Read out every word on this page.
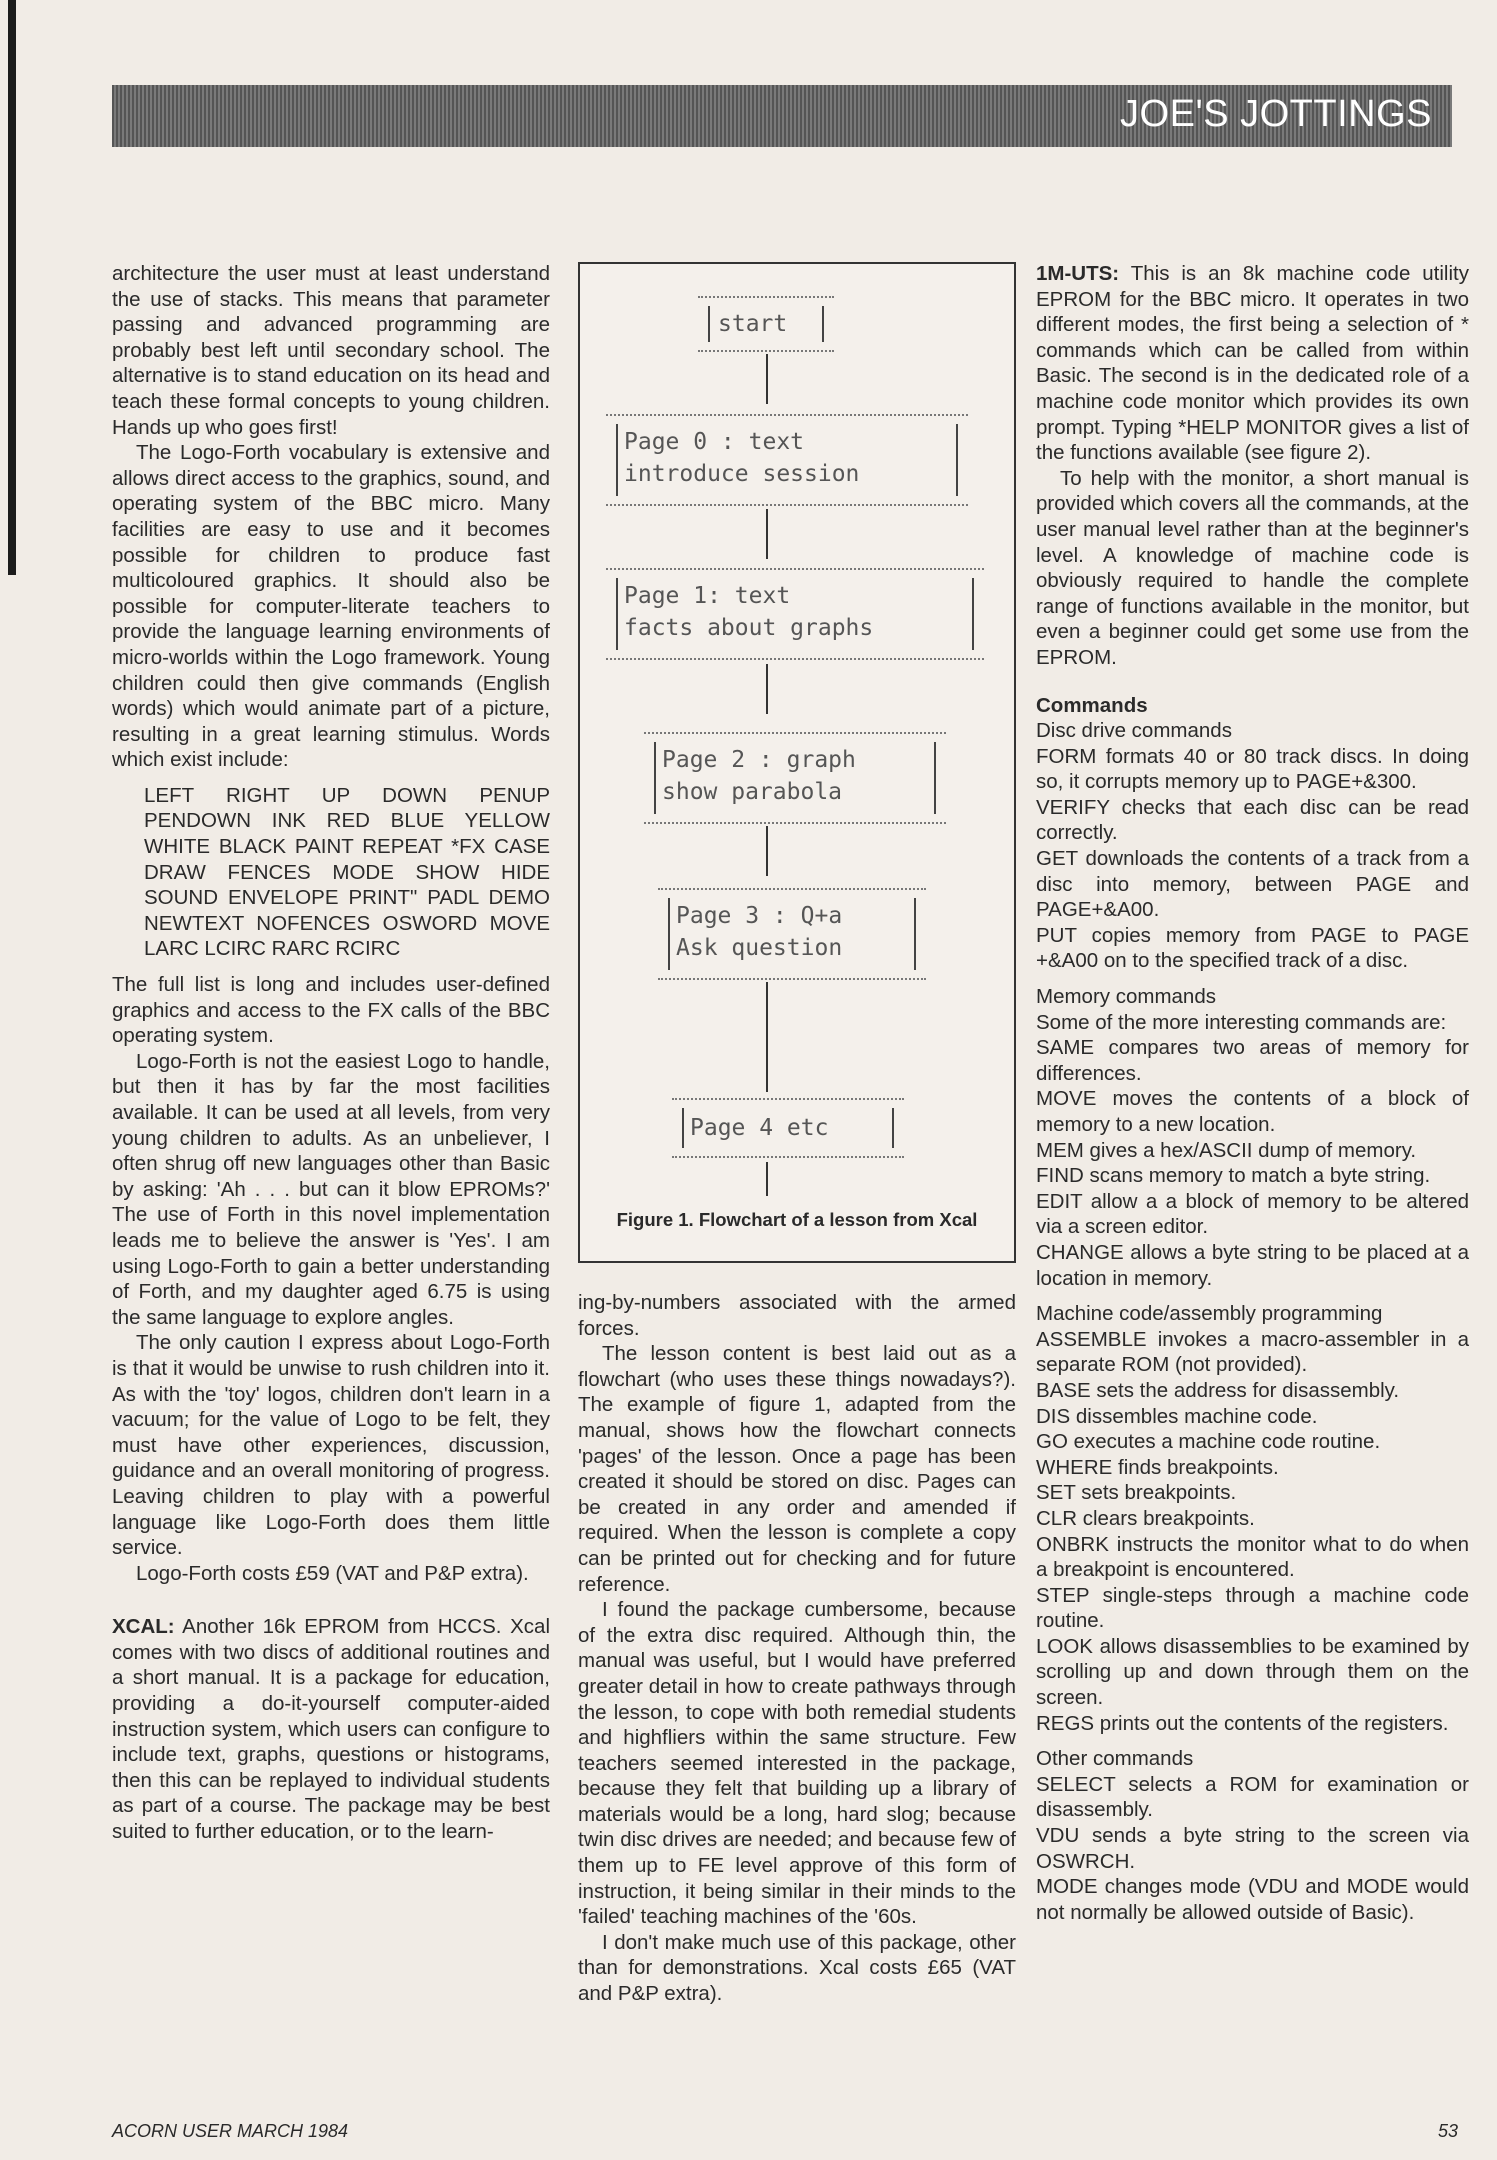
JOE'S JOTTINGS

architecture the user must at least understand the use of stacks. This means that parameter passing and advanced programming are probably best left until secondary school. The alternative is to stand education on its head and teach these formal concepts to young children. Hands up who goes first!

The Logo-Forth vocabulary is extensive and allows direct access to the graphics, sound, and operating system of the BBC micro. Many facilities are easy to use and it becomes possible for children to produce fast multicoloured graphics. It should also be possible for computer-literate teachers to provide the language learning environments of micro-worlds within the Logo framework. Young children could then give commands (English words) which would animate part of a picture, resulting in a great learning stimulus. Words which exist include:

LEFT RIGHT UP DOWN PENUP PENDOWN INK RED BLUE YELLOW WHITE BLACK PAINT REPEAT *FX CASE DRAW FENCES MODE SHOW HIDE SOUND ENVELOPE PRINT" PADL DEMO NEWTEXT NOFENCES OSWORD MOVE LARC LCIRC RARC RCIRC

The full list is long and includes user-defined graphics and access to the FX calls of the BBC operating system.

Logo-Forth is not the easiest Logo to handle, but then it has by far the most facilities available. It can be used at all levels, from very young children to adults. As an unbeliever, I often shrug off new languages other than Basic by asking: 'Ah . . . but can it blow EPROMs?' The use of Forth in this novel implementation leads me to believe the answer is 'Yes'. I am using Logo-Forth to gain a better understanding of Forth, and my daughter aged 6.75 is using the same language to explore angles.

The only caution I express about Logo-Forth is that it would be unwise to rush children into it. As with the 'toy' logos, children don't learn in a vacuum; for the value of Logo to be felt, they must have other experiences, discussion, guidance and an overall monitoring of progress. Leaving children to play with a powerful language like Logo-Forth does them little service.

Logo-Forth costs £59 (VAT and P&P extra).

XCAL: Another 16k EPROM from HCCS. Xcal comes with two discs of additional routines and a short manual. It is a package for education, providing a do-it-yourself computer-aided instruction system, which users can configure to include text, graphs, questions or histograms, then this can be replayed to individual students as part of a course. The package may be best suited to further education, or to the learn-

start
Page 0 : text
introduce session
Page 1: text
facts about graphs
Page 2 : graph
show parabola
Page 3 : Q+a
Ask question
Page 4 etc
Figure 1. Flowchart of a lesson from Xcal

ing-by-numbers associated with the armed forces.

The lesson content is best laid out as a flowchart (who uses these things nowadays?). The example of figure 1, adapted from the manual, shows how the flowchart connects 'pages' of the lesson. Once a page has been created it should be stored on disc. Pages can be created in any order and amended if required. When the lesson is complete a copy can be printed out for checking and for future reference.

I found the package cumbersome, because of the extra disc required. Although thin, the manual was useful, but I would have preferred greater detail in how to create pathways through the lesson, to cope with both remedial students and highfliers within the same structure. Few teachers seemed interested in the package, because they felt that building up a library of materials would be a long, hard slog; because twin disc drives are needed; and because few of them up to FE level approve of this form of instruction, it being similar in their minds to the 'failed' teaching machines of the '60s.

I don't make much use of this package, other than for demonstrations. Xcal costs £65 (VAT and P&P extra).

1M-UTS: This is an 8k machine code utility EPROM for the BBC micro. It operates in two different modes, the first being a selection of * commands which can be called from within Basic. The second is in the dedicated role of a machine code monitor which provides its own prompt. Typing *HELP MONITOR gives a list of the functions available (see figure 2).

To help with the monitor, a short manual is provided which covers all the commands, at the user manual level rather than at the beginner's level. A knowledge of machine code is obviously required to handle the complete range of functions available in the monitor, but even a beginner could get some use from the EPROM.

Commands

Disc drive commands

FORM formats 40 or 80 track discs. In doing so, it corrupts memory up to PAGE+&300.

VERIFY checks that each disc can be read correctly.

GET downloads the contents of a track from a disc into memory, between PAGE and PAGE+&A00.

PUT copies memory from PAGE to PAGE +&A00 on to the specified track of a disc.

Memory commands

Some of the more interesting commands are:

SAME compares two areas of memory for differences.

MOVE moves the contents of a block of memory to a new location.

MEM gives a hex/ASCII dump of memory.

FIND scans memory to match a byte string.

EDIT allow a a block of memory to be altered via a screen editor.

CHANGE allows a byte string to be placed at a location in memory.

Machine code/assembly programming

ASSEMBLE invokes a macro-assembler in a separate ROM (not provided).

BASE sets the address for disassembly.

DIS dissembles machine code.

GO executes a machine code routine.

WHERE finds breakpoints.

SET sets breakpoints.

CLR clears breakpoints.

ONBRK instructs the monitor what to do when a breakpoint is encountered.

STEP single-steps through a machine code routine.

LOOK allows disassemblies to be examined by scrolling up and down through them on the screen.

REGS prints out the contents of the registers.

Other commands

SELECT selects a ROM for examination or disassembly.

VDU sends a byte string to the screen via OSWRCH.

MODE changes mode (VDU and MODE would not normally be allowed outside of Basic).

ACORN USER MARCH 1984	53
